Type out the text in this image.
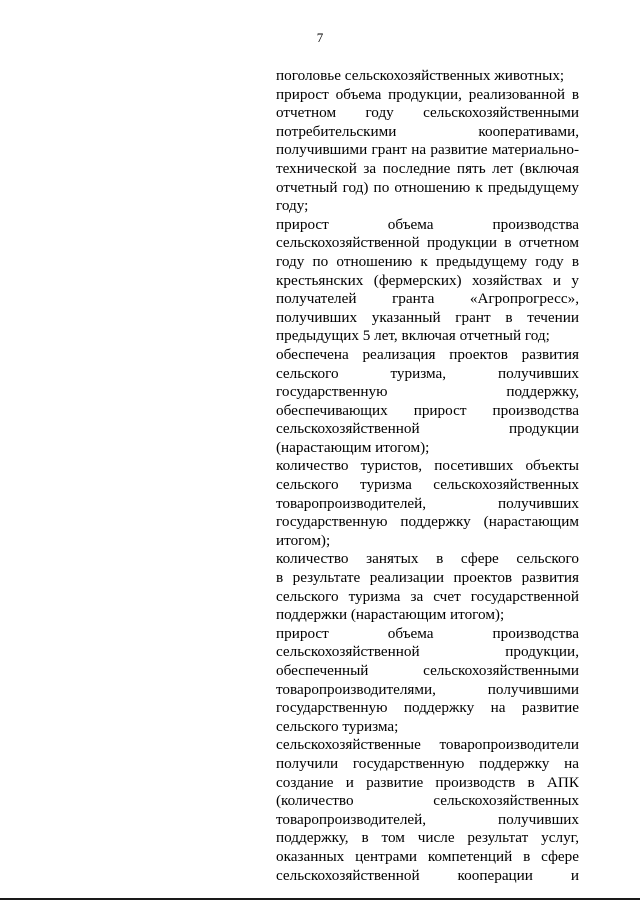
7
поголовье сельскохозяйственных животных;
прирост объема продукции, реализованной в
отчетном году сельскохозяйственными
потребительскими кооперативами,
получившими грант на развитие материально-
технической за последние пять лет (включая
отчетный год) по отношению к предыдущему
году;
прирост объема производства
сельскохозяйственной продукции в отчетном
году по отношению к предыдущему году в
крестьянских (фермерских) хозяйствах и у
получателей гранта «Агропрогресс»,
получивших указанный грант в течении
предыдущих 5 лет, включая отчетный год;
обеспечена реализация проектов развития
сельского туризма, получивших
государственную поддержку,
обеспечивающих прирост производства
сельскохозяйственной продукции
(нарастающим итогом);
количество туристов, посетивших объекты
сельского туризма сельскохозяйственных
товаропроизводителей, получивших
государственную поддержку (нарастающим
итогом);
количество занятых в сфере сельского
в результате реализации проектов развития
сельского туризма за счет государственной
поддержки (нарастающим итогом);
прирост объема производства
сельскохозяйственной продукции,
обеспеченный сельскохозяйственными
товаропроизводителями, получившими
государственную поддержку на развитие
сельского туризма;
сельскохозяйственные товаропроизводители
получили государственную поддержку на
создание и развитие производств в АПК
(количество сельскохозяйственных
товаропроизводителей, получивших
поддержку, в том числе результат услуг,
оказанных центрами компетенций в сфере
сельскохозяйственной кооперации и
